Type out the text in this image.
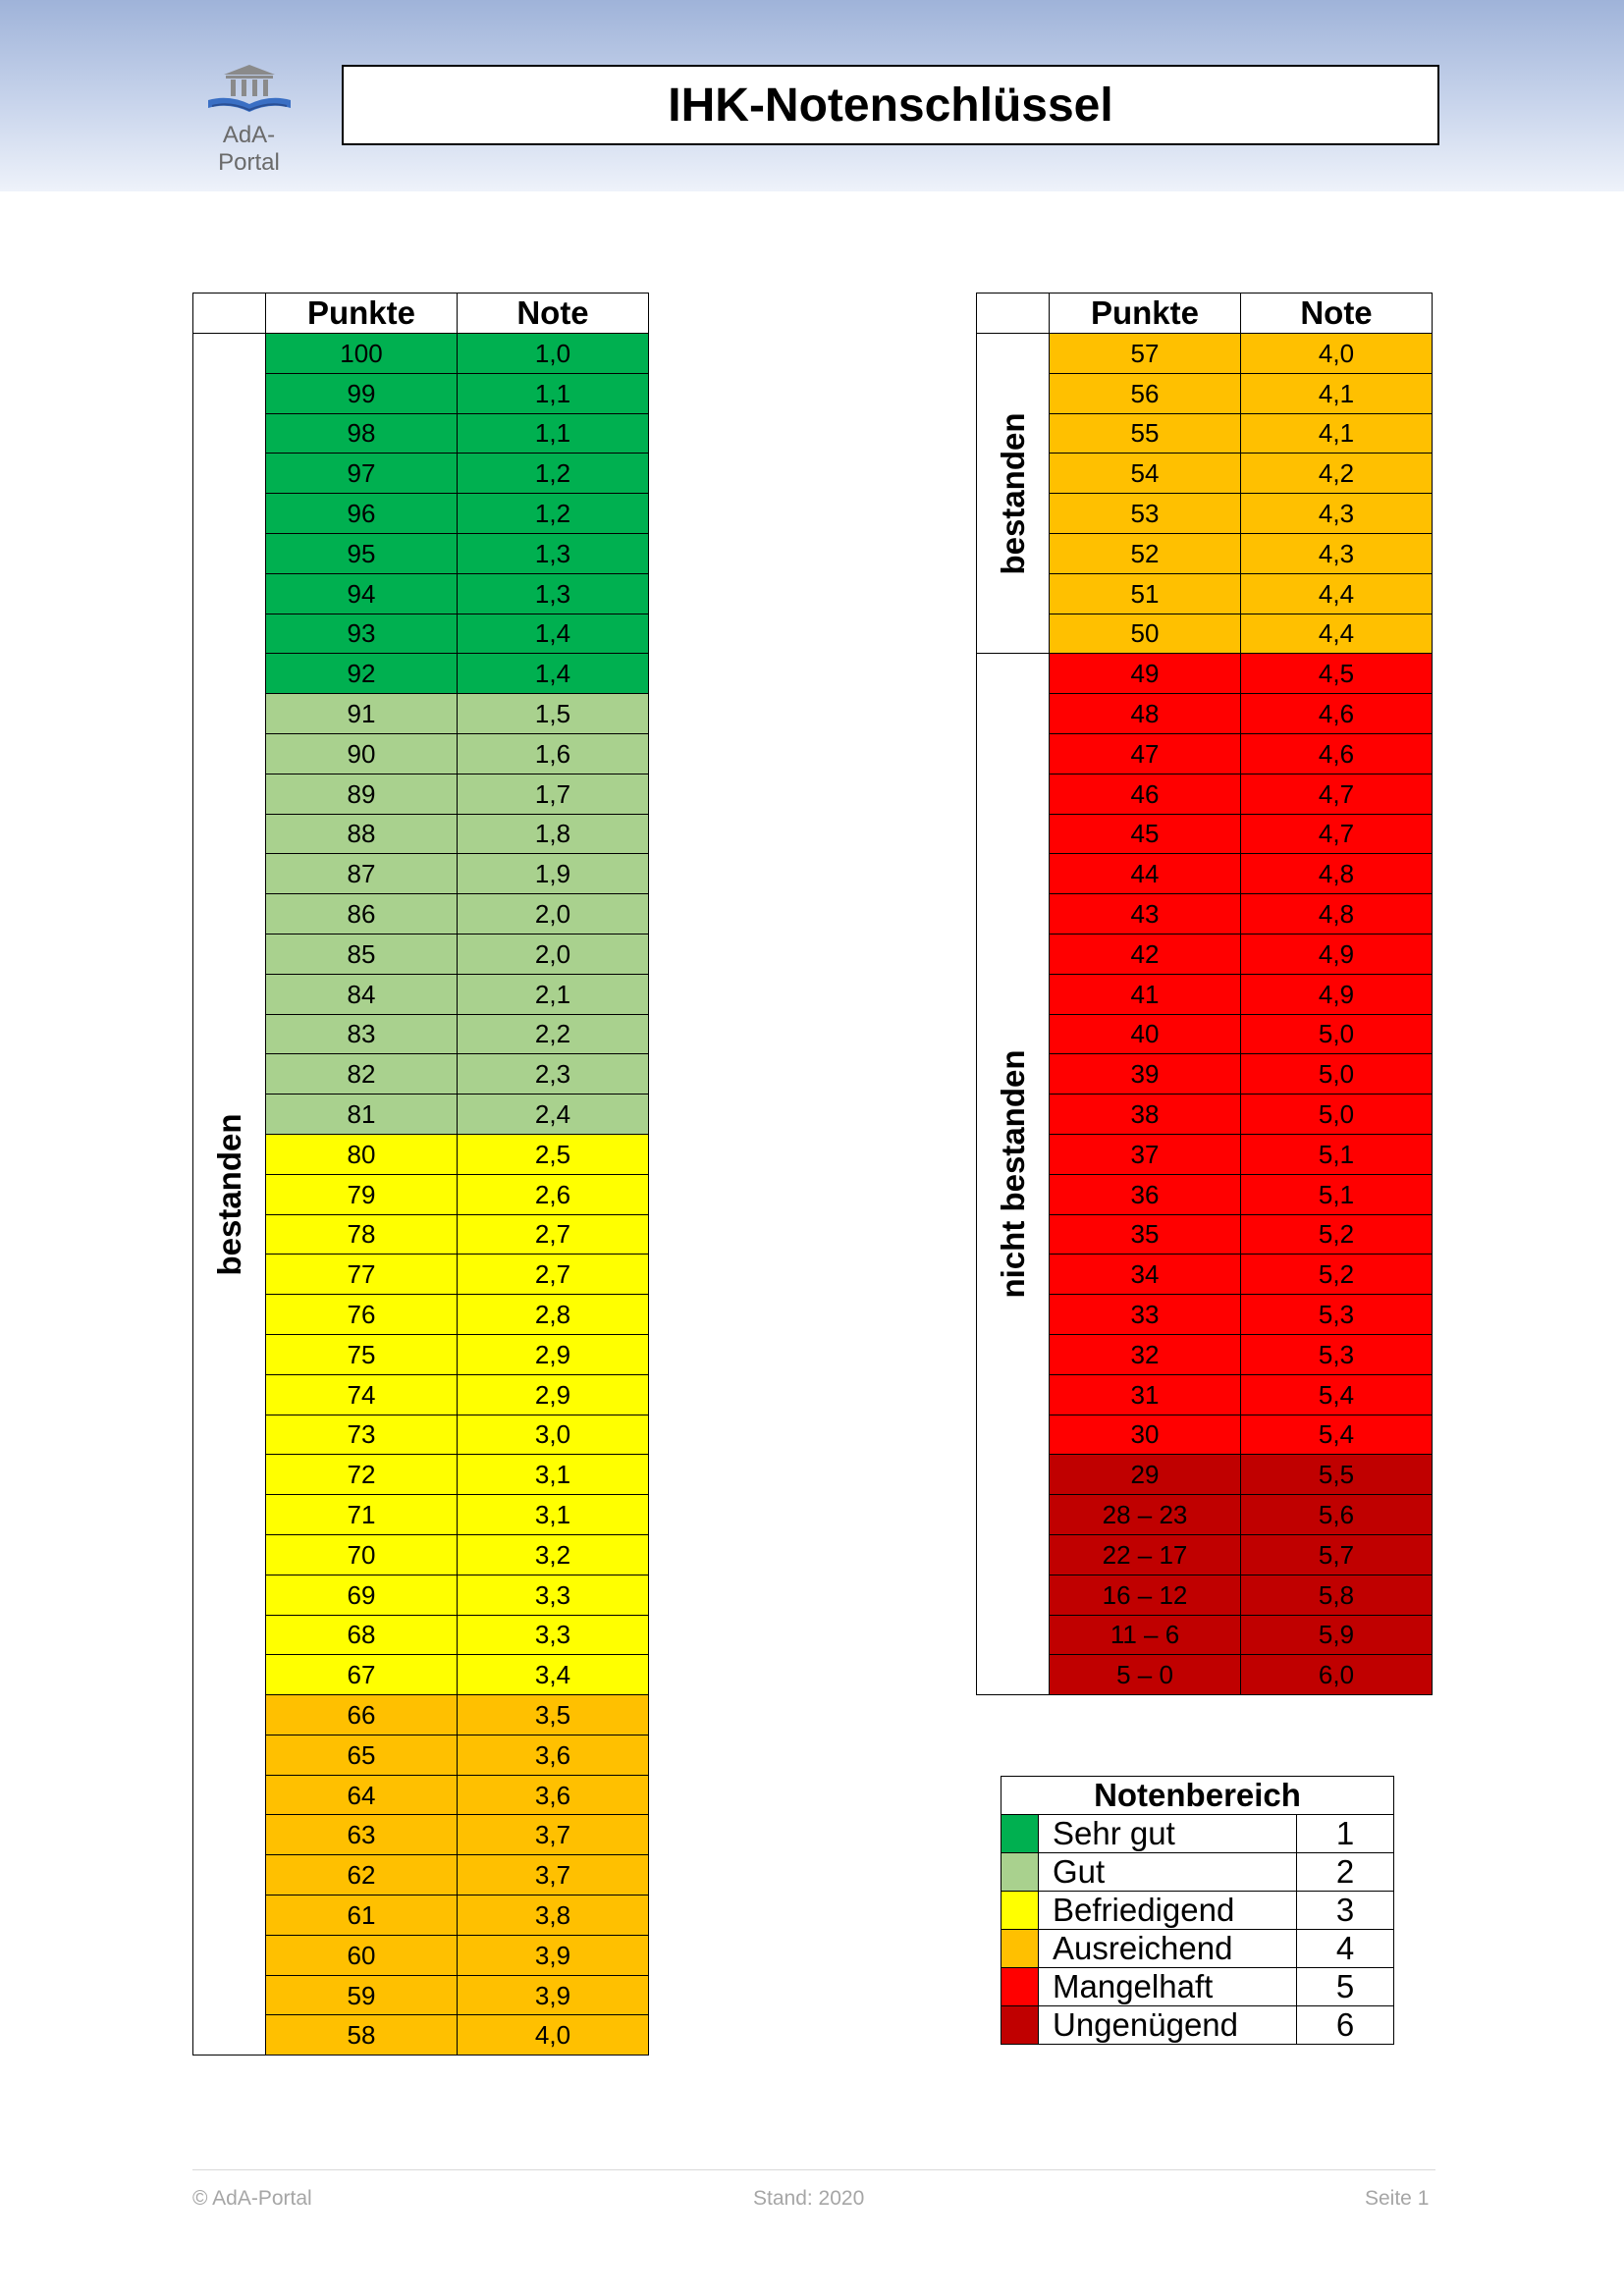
AdA-Portal
IHK-Notenschlüssel
	Punkte	Note

bestanden	100	1,0
	99	1,1
	98	1,1
	97	1,2
	96	1,2
	95	1,3
	94	1,3
	93	1,4
	92	1,4
	91	1,5
	90	1,6
	89	1,7
	88	1,8
	87	1,9
	86	2,0
	85	2,0
	84	2,1
	83	2,2
	82	2,3
	81	2,4
	80	2,5
	79	2,6
	78	2,7
	77	2,7
	76	2,8
	75	2,9
	74	2,9
	73	3,0
	72	3,1
	71	3,1
	70	3,2
	69	3,3
	68	3,3
	67	3,4
	66	3,5
	65	3,6
	64	3,6
	63	3,7
	62	3,7
	61	3,8
	60	3,9
	59	3,9
	58	4,0
	Punkte	Note

bestanden	57	4,0
	56	4,1
	55	4,1
	54	4,2
	53	4,3
	52	4,3
	51	4,4
	50	4,4

nicht bestanden	49	4,5
	48	4,6
	47	4,6
	46	4,7
	45	4,7
	44	4,8
	43	4,8
	42	4,9
	41	4,9
	40	5,0
	39	5,0
	38	5,0
	37	5,1
	36	5,1
	35	5,2
	34	5,2
	33	5,3
	32	5,3
	31	5,4
	30	5,4
	29	5,5
	28 – 23	5,6
	22 – 17	5,7
	16 – 12	5,8
	11 – 6	5,9
	5 – 0	6,0
Notenbereich		
	Sehr gut	1
	Gut	2
	Befriedigend	3
	Ausreichend	4
	Mangelhaft	5
	Ungenügend	6
© AdA-Portal	Stand: 2020	Seite 1
